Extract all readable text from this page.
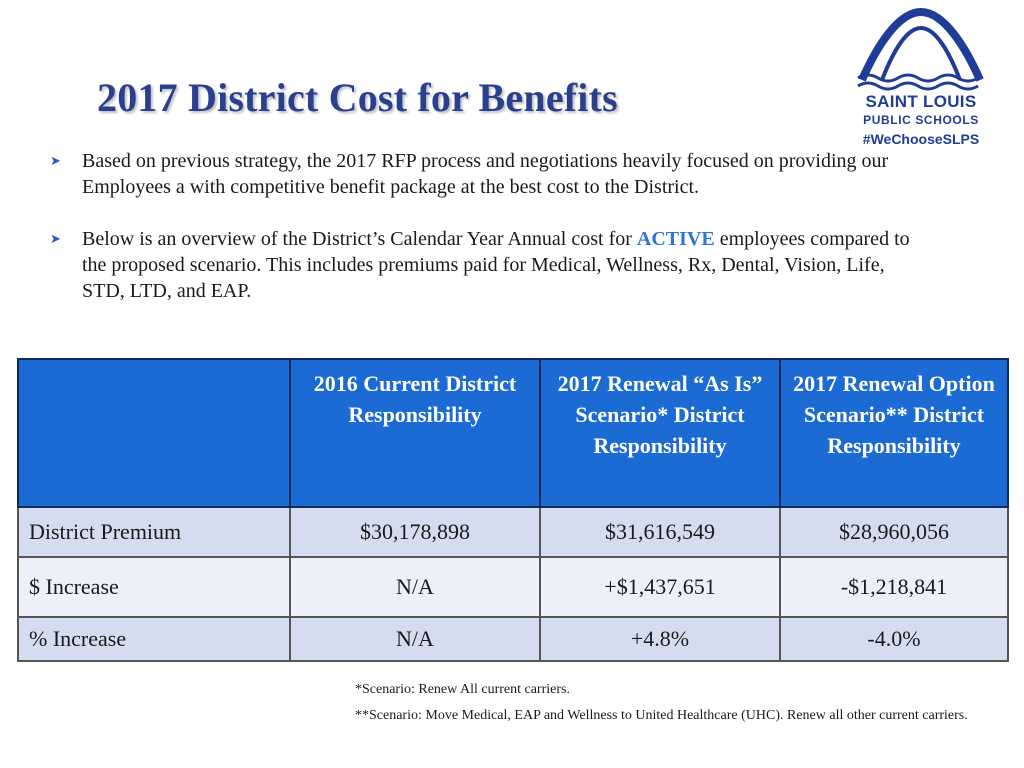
2017 District Cost for Benefits	SAINT LOUIS
PUBLIC SCHOOLS
#WeChooseSLPS
➤	Based on previous strategy, the 2017 RFP process and negotiations heavily focused on providing our Employees a with competitive benefit package at the best cost to the District.
➤	Below is an overview of the District’s Calendar Year Annual cost for ACTIVE employees compared to the proposed scenario. This includes premiums paid for Medical, Wellness, Rx, Dental, Vision, Life, STD, LTD, and EAP.
	2016 Current District Responsibility	2017 Renewal “As Is” Scenario* District Responsibility	2017 Renewal Option Scenario** District Responsibility
District Premium	$30,178,898	$31,616,549	$28,960,056
$ Increase	N/A	+$1,437,651	-$1,218,841
% Increase	N/A	+4.8%	-4.0%
*Scenario: Renew All current carriers.
**Scenario: Move Medical, EAP and Wellness to United Healthcare (UHC). Renew all other current carriers.
